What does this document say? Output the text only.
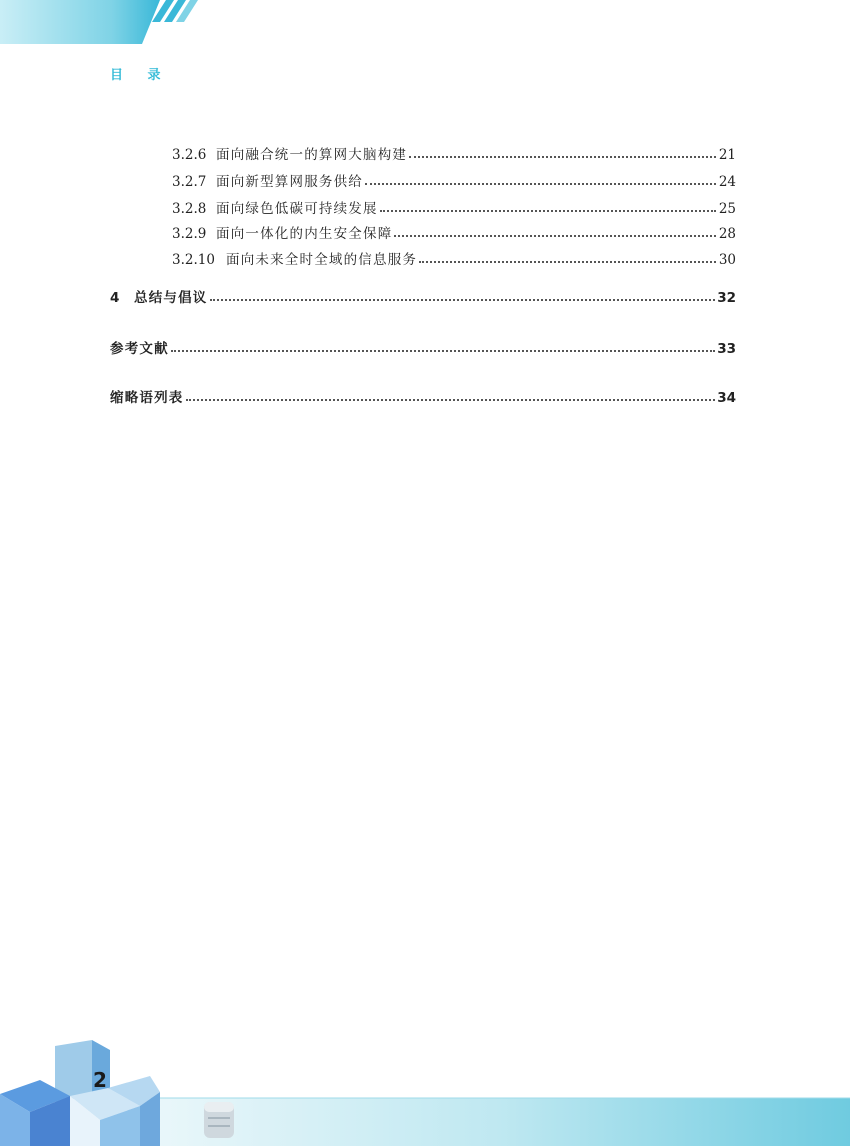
目 录
3.2.6 面向融合统一的算网大脑构建	21
3.2.7 面向新型算网服务供给	24
3.2.8 面向绿色低碳可持续发展	25
3.2.9 面向一体化的内生安全保障	28
3.2.10 面向未来全时全域的信息服务	30
4	总结与倡议	32
参考文献	33
缩略语列表	34
2
